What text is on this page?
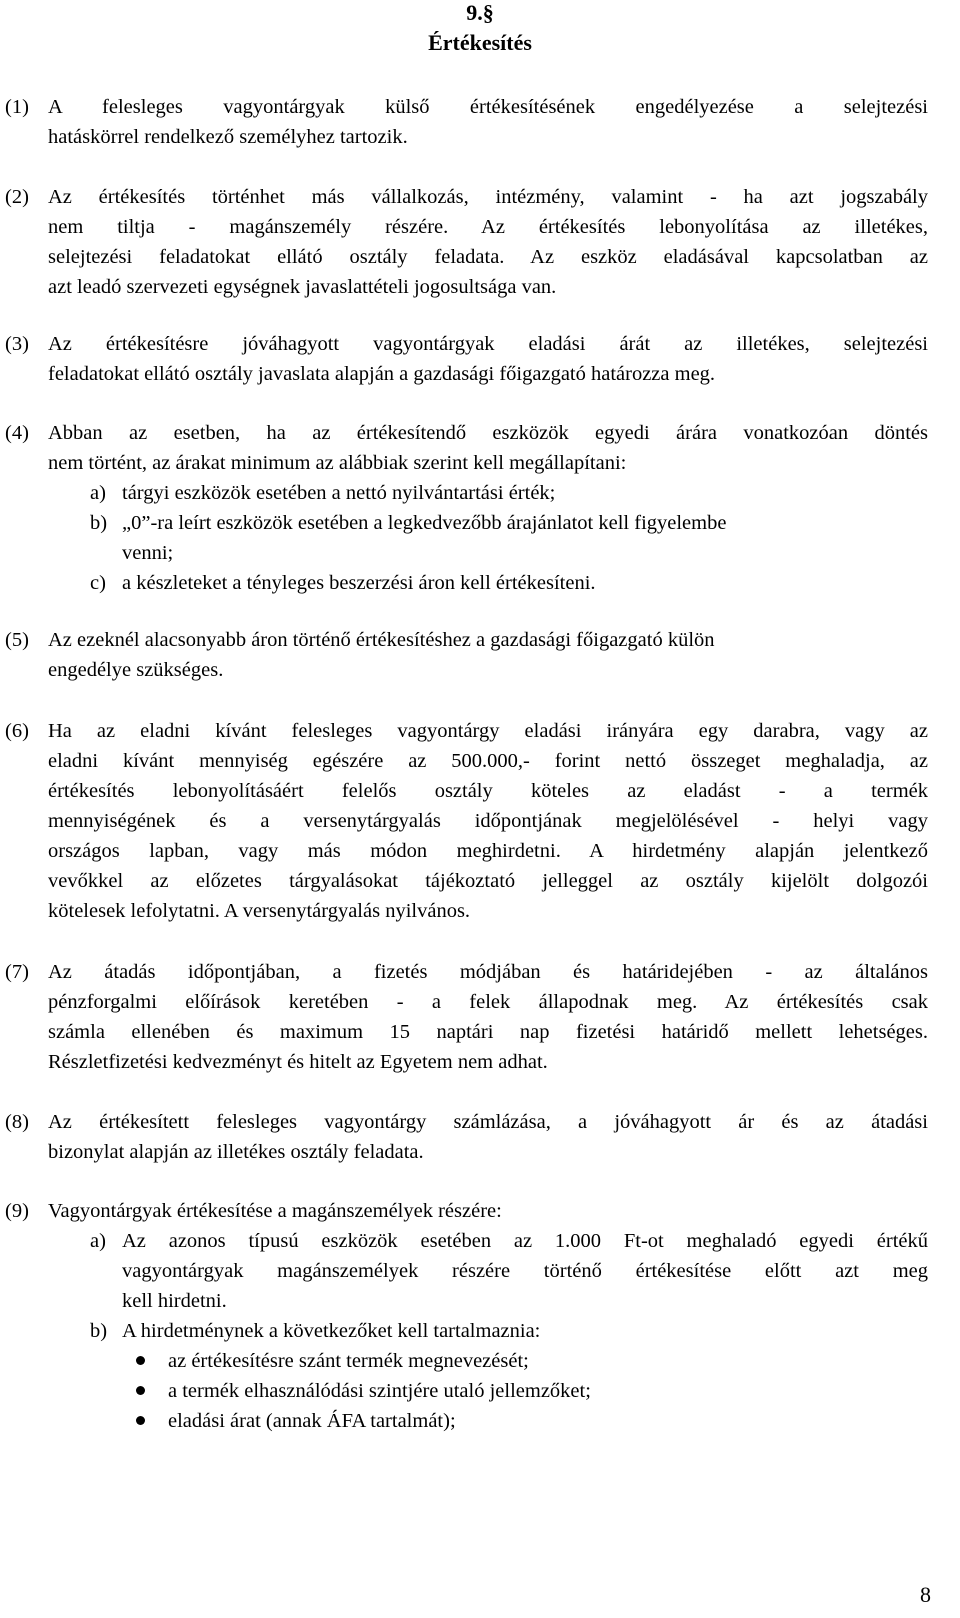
9.§
Értékesítés
(1) A felesleges vagyontárgyak külső értékesítésének engedélyezése a selejtezési
hatáskörrel rendelkező személyhez tartozik.
(2) Az értékesítés történhet más vállalkozás, intézmény, valamint - ha azt jogszabály
nem tiltja - magánszemély részére. Az értékesítés lebonyolítása az illetékes,
selejtezési feladatokat ellátó osztály feladata. Az eszköz eladásával kapcsolatban az
azt leadó szervezeti egységnek javaslattételi jogosultsága van.
(3) Az értékesítésre jóváhagyott vagyontárgyak eladási árát az illetékes, selejtezési
feladatokat ellátó osztály javaslata alapján a gazdasági főigazgató határozza meg.
(4) Abban az esetben, ha az értékesítendő eszközök egyedi árára vonatkozóan döntés
nem történt, az árakat minimum az alábbiak szerint kell megállapítani:
a) tárgyi eszközök esetében a nettó nyilvántartási érték;
b) „0”-ra leírt eszközök esetében a legkedvezőbb árajánlatot kell figyelembe
venni;
c) a készleteket a tényleges beszerzési áron kell értékesíteni.
(5) Az ezeknél alacsonyabb áron történő értékesítéshez a gazdasági főigazgató külön
engedélye szükséges.
(6) Ha az eladni kívánt felesleges vagyontárgy eladási irányára egy darabra, vagy az
eladni kívánt mennyiség egészére az 500.000,- forint nettó összeget meghaladja, az
értékesítés lebonyolításáért felelős osztály köteles az eladást - a termék
mennyiségének és a versenytárgyalás időpontjának megjelölésével - helyi vagy
országos lapban, vagy más módon meghirdetni. A hirdetmény alapján jelentkező
vevőkkel az előzetes tárgyalásokat tájékoztató jelleggel az osztály kijelölt dolgozói
kötelesek lefolytatni. A versenytárgyalás nyilvános.
(7) Az átadás időpontjában, a fizetés módjában és határidejében - az általános
pénzforgalmi előírások keretében - a felek állapodnak meg. Az értékesítés csak
számla ellenében és maximum 15 naptári nap fizetési határidő mellett lehetséges.
Részletfizetési kedvezményt és hitelt az Egyetem nem adhat.
(8) Az értékesített felesleges vagyontárgy számlázása, a jóváhagyott ár és az átadási
bizonylat alapján az illetékes osztály feladata.
(9) Vagyontárgyak értékesítése a magánszemélyek részére:
a) Az azonos típusú eszközök esetében az 1.000 Ft-ot meghaladó egyedi értékű
vagyontárgyak magánszemélyek részére történő értékesítése előtt azt meg
kell hirdetni.
b) A hirdetménynek a következőket kell tartalmaznia:
az értékesítésre szánt termék megnevezését;
a termék elhasználódási szintjére utaló jellemzőket;
eladási árat (annak ÁFA tartalmát);
8
